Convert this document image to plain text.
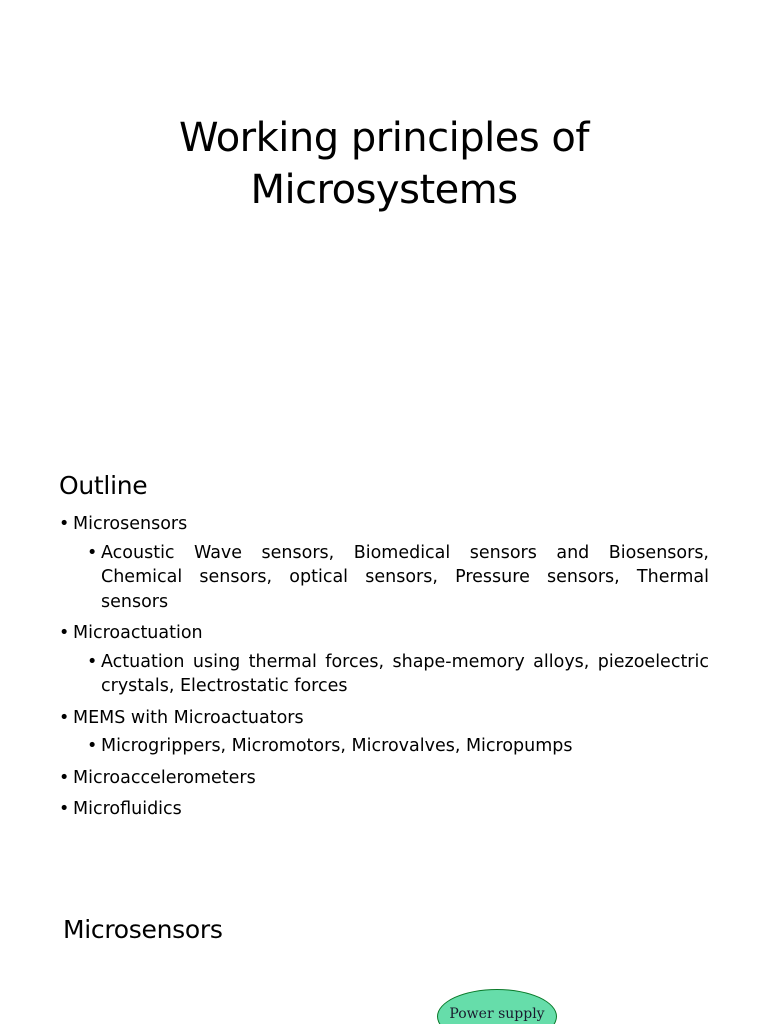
Working principles of
Microsystems
Outline
• Microsensors
• Acoustic Wave sensors, Biomedical sensors and Biosensors, Chemical sensors, optical sensors, Pressure sensors, Thermal sensors
• Microactuation
• Actuation using thermal forces, shape-memory alloys, piezoelectric crystals, Electrostatic forces
• MEMS with Microactuators
• Microgrippers, Micromotors, Microvalves, Micropumps
• Microaccelerometers
• Microfluidics
Microsensors
Power supply
